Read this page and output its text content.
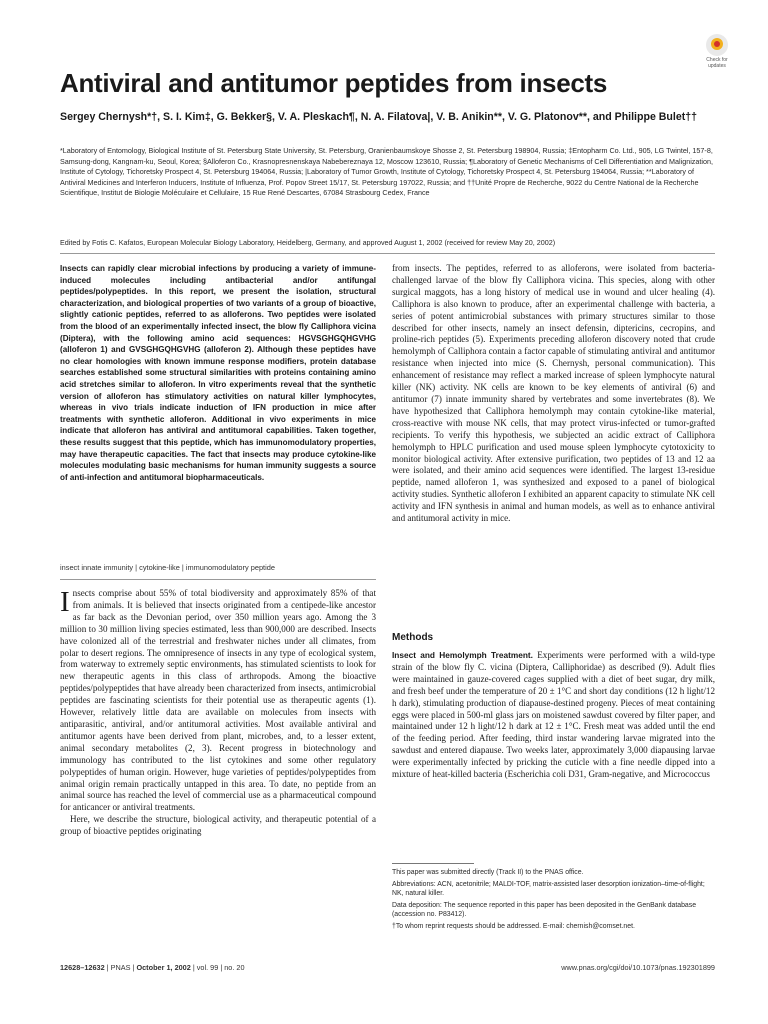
Check for updates
Antiviral and antitumor peptides from insects
Sergey Chernysh*†, S. I. Kim‡, G. Bekker§, V. A. Pleskach¶, N. A. Filatova|, V. B. Anikin**, V. G. Platonov**, and Philippe Bulet††
*Laboratory of Entomology, Biological Institute of St. Petersburg State University, St. Petersburg, Oranienbaumskoye Shosse 2, St. Petersburg 198904, Russia; ‡Entopharm Co. Ltd., 905, LG Twintel, 157-8, Samsung-dong, Kangnam-ku, Seoul, Korea; §Alloferon Co., Krasnopresnenskaya Nabebereznaya 12, Moscow 123610, Russia; ¶Laboratory of Genetic Mechanisms of Cell Differentiation and Malignization, Institute of Cytology, Tichoretsky Prospect 4, St. Petersburg 194064, Russia; |Laboratory of Tumor Growth, Institute of Cytology, Tichoretsky Prospect 4, St. Petersburg 194064, Russia; **Laboratory of Antiviral Medicines and Interferon Inducers, Institute of Influenza, Prof. Popov Street 15/17, St. Petersburg 197022, Russia; and ††Unité Propre de Recherche, 9022 du Centre National de la Recherche Scientifique, Institut de Biologie Moléculaire et Cellulaire, 15 Rue René Descartes, 67084 Strasbourg Cedex, France
Edited by Fotis C. Kafatos, European Molecular Biology Laboratory, Heidelberg, Germany, and approved August 1, 2002 (received for review May 20, 2002)
Insects can rapidly clear microbial infections by producing a variety of immune-induced molecules including antibacterial and/or antifungal peptides/polypeptides. In this report, we present the isolation, structural characterization, and biological properties of two variants of a group of bioactive, slightly cationic peptides, referred to as alloferons. Two peptides were isolated from the blood of an experimentally infected insect, the blow fly Calliphora vicina (Diptera), with the following amino acid sequences: HGVSGHGQHGVHG (alloferon 1) and GVSGHGQHGVHG (alloferon 2). Although these peptides have no clear homologies with known immune response modifiers, protein database searches established some structural similarities with proteins containing amino acid stretches similar to alloferon. In vitro experiments reveal that the synthetic version of alloferon has stimulatory activities on natural killer lymphocytes, whereas in vivo trials indicate induction of IFN production in mice after treatments with synthetic alloferon. Additional in vivo experiments in mice indicate that alloferon has antiviral and antitumoral capabilities. Taken together, these results suggest that this peptide, which has immunomodulatory properties, may have therapeutic capacities. The fact that insects may produce cytokine-like molecules modulating basic mechanisms for human immunity suggests a source of anti-infection and antitumoral biopharmaceuticals.
insect innate immunity | cytokine-like | immunomodulatory peptide

Insects comprise about 55% of total biodiversity and approximately 85% of that from animals. It is believed that insects originated from a centipede-like ancestor as far back as the Devonian period, over 350 million years ago. Among the 3 million to 30 million living species estimated, less than 900,000 are described. Insects have colonized all of the terrestrial and freshwater niches under all climates, from polar to desert regions. The omnipresence of insects in any type of ecological system, from waterway to extremely septic environments, has stimulated scientists to look for new therapeutic agents in this class of arthropods. Among the bioactive peptides/polypeptides that have already been characterized from insects, antimicrobial peptides are fascinating scientists for their potential use as therapeutic agents (1). However, relatively little data are available on molecules from insects with antiparasitic, antiviral, and/or antitumoral activities. Most available antiviral and antitumor agents have been derived from plant, microbes, and, to a lesser extent, animal secondary metabolites (2, 3). Recent progress in biotechnology and immunology has contributed to the list cytokines and some other regulatory polypeptides of human origin. However, huge varieties of peptides/polypeptides from animal origin remain practically untapped in this area. To date, no peptide from an animal source has reached the level of commercial use as a pharmaceutical compound for anticancer or antiviral treatments.

Here, we describe the structure, biological activity, and therapeutic potential of a group of bioactive peptides originating

from insects. The peptides, referred to as alloferons, were isolated from bacteria-challenged larvae of the blow fly Calliphora vicina. This species, along with other surgical maggots, has a long history of medical use in wound and ulcer healing (4). Calliphora is also known to produce, after an experimental challenge with bacteria, a series of potent antimicrobial substances with primary structures similar to those described for other insects, namely an insect defensin, diptericins, cecropins, and proline-rich peptides (5). Experiments preceding alloferon discovery noted that crude hemolymph of Calliphora contain a factor capable of stimulating antiviral and antitumor resistance when injected into mice (S. Chernysh, personal communication). This enhancement of resistance may reflect a marked increase of spleen lymphocyte natural killer (NK) activity. NK cells are known to be key elements of antiviral (6) and antitumor (7) innate immunity shared by vertebrates and some invertebrates (8). We have hypothesized that Calliphora hemolymph may contain cytokine-like material, cross-reactive with mouse NK cells, that may protect virus-infected or tumor-grafted recipients. To verify this hypothesis, we subjected an acidic extract of Calliphora hemolymph to HPLC purification and used mouse spleen lymphocyte cytotoxicity to monitor biological activity. After extensive purification, two peptides of 13 and 12 aa were isolated, and their amino acid sequences were identified. The largest 13-residue peptide, named alloferon 1, was synthesized and exposed to a panel of biological activity studies. Synthetic alloferon I exhibited an apparent capacity to stimulate NK cell activity and IFN synthesis in animal and human models, as well as to enhance antiviral and antitumoral activity in mice.

Methods

Insect and Hemolymph Treatment. Experiments were performed with a wild-type strain of the blow fly C. vicina (Diptera, Calliphoridae) as described (9). Adult flies were maintained in gauze-covered cages supplied with a diet of beet sugar, dry milk, and fresh beef under the temperature of 20 ± 1°C and short day conditions (12 h light/12 h dark), stimulating production of diapause-destined progeny. Pieces of meat containing eggs were placed in 500-ml glass jars on moistened sawdust covered by filter paper, and maintained under 12 h light/12 h dark at 12 ± 1°C. Fresh meat was added until the end of the feeding period. After feeding, third instar wandering larvae migrated into the sawdust and entered diapause. Two weeks later, approximately 3,000 diapausing larvae were experimentally infected by pricking the cuticle with a fine needle dipped into a mixture of heat-killed bacteria (Escherichia coli D31, Gram-negative, and Micrococcus

This paper was submitted directly (Track II) to the PNAS office.

Abbreviations: ACN, acetonitrile; MALDI-TOF, matrix-assisted laser desorption ionization–time-of-flight; NK, natural killer.

Data deposition: The sequence reported in this paper has been deposited in the GenBank database (accession no. P83412).

†To whom reprint requests should be addressed. E-mail: chernish@comset.net.

12628–12632 | PNAS | October 1, 2002 | vol. 99 | no. 20	www.pnas.org/cgi/doi/10.1073/pnas.192301899
